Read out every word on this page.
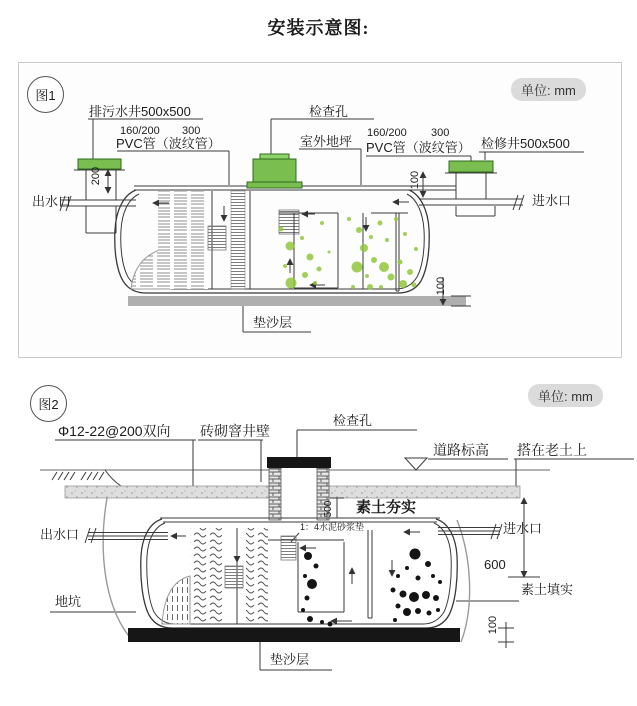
安装示意图:
图1	单位: mm
排污水井500x500
160/200 300
PVC管（波纹管）
检查孔
室外地坪
160/200 300
PVC管（波纹管） 检修井500x500
出水口	进水口
垫沙层
200	100
100
图2
单位: mm
Φ12-22@200双向 砖砌窨井壁
检查孔
道路标高 搭在老土上
素土夯实
1：4水泥砂浆垫
出水口	进水口
地坑
素土填实
垫沙层
600
500
100
